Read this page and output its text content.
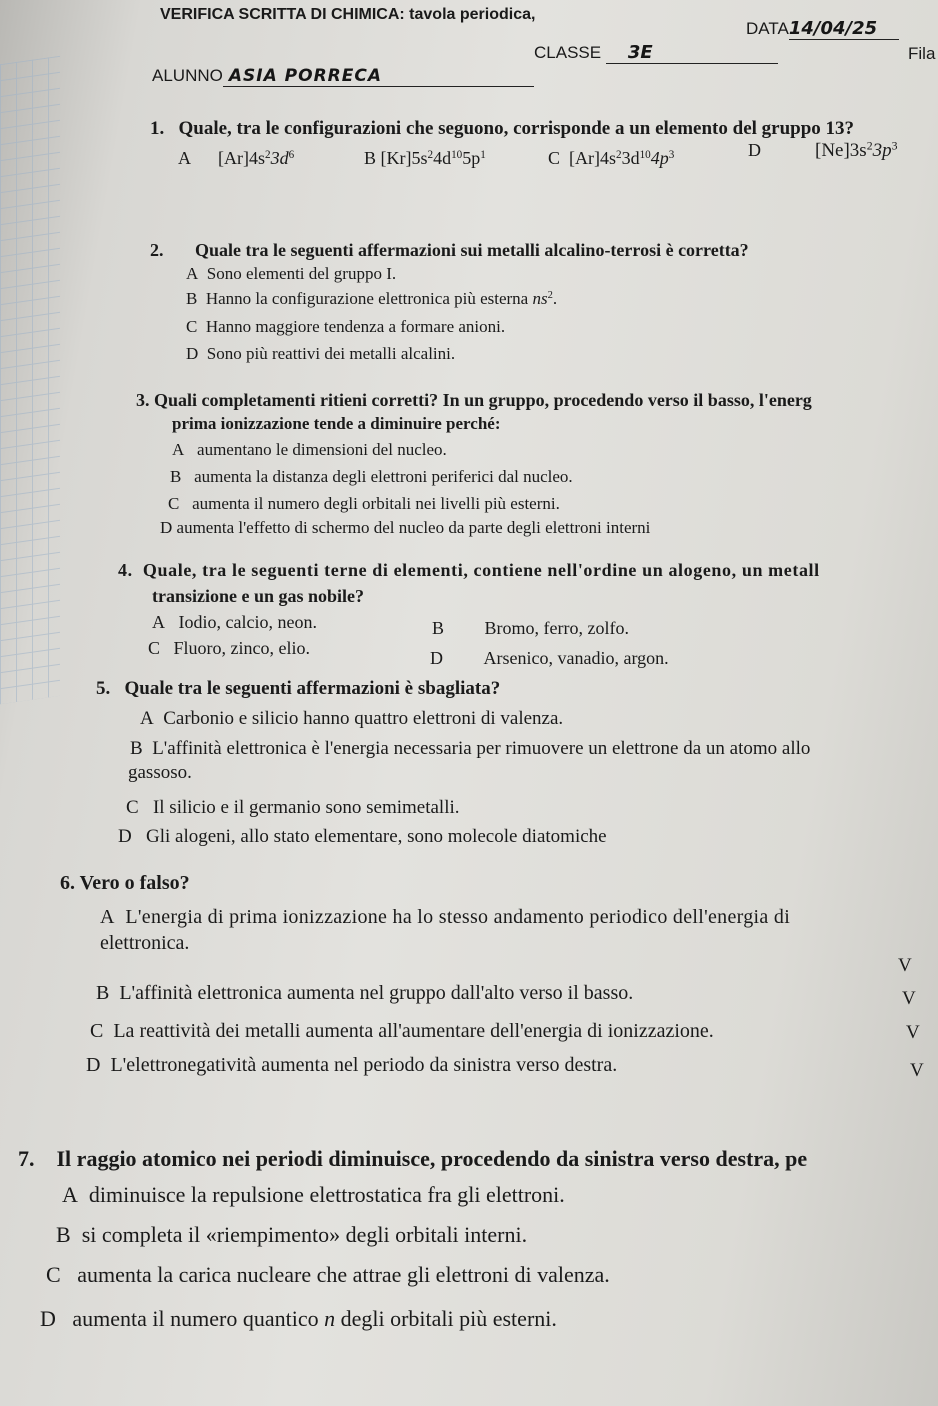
VERIFICA SCRITTA DI CHIMICA: tavola periodica,
DATA14/04/25
CLASSE 3E	Fila
ALUNNO ASIA PORRECA
1. Quale, tra le configurazioni che seguono, corrisponde a un elemento del gruppo 13?
A $[Ar]4s^23d^6$	B $[Kr]5s^24d^{10}5p^1$	C $[Ar]4s^23d^{10}4p^3$	D	$[Ne]3s^23p^3$
2. Quale tra le seguenti affermazioni sui metalli alcalino-terrosi è corretta?
A Sono elementi del gruppo I.
B Hanno la configurazione elettronica più esterna $ns^2$.
C Hanno maggiore tendenza a formare anioni.
D Sono più reattivi dei metalli alcalini.
3. Quali completamenti ritieni corretti? In un gruppo, procedendo verso il basso, l'energ
prima ionizzazione tende a diminuire perché:
A aumentano le dimensioni del nucleo.
B aumenta la distanza degli elettroni periferici dal nucleo.
C aumenta il numero degli orbitali nei livelli più esterni.
D aumenta l'effetto di schermo del nucleo da parte degli elettroni interni
4. Quale, tra le seguenti terne di elementi, contiene nell'ordine un alogeno, un metall
transizione e un gas nobile?
A Iodio, calcio, neon.	B Bromo, ferro, zolfo.
C Fluoro, zinco, elio.	D Arsenico, vanadio, argon.
5. Quale tra le seguenti affermazioni è sbagliata?
A Carbonio e silicio hanno quattro elettroni di valenza.
B L'affinità elettronica è l'energia necessaria per rimuovere un elettrone da un atomo allo
gassoso.
C Il silicio e il germanio sono semimetalli.
D Gli alogeni, allo stato elementare, sono molecole diatomiche
6. Vero o falso?
A L'energia di prima ionizzazione ha lo stesso andamento periodico dell'energia di
elettronica.
V
B L'affinità elettronica aumenta nel gruppo dall'alto verso il basso.	V
C La reattività dei metalli aumenta all'aumentare dell'energia di ionizzazione.	V
D L'elettronegatività aumenta nel periodo da sinistra verso destra.	V
7. Il raggio atomico nei periodi diminuisce, procedendo da sinistra verso destra, pe
A diminuisce la repulsione elettrostatica fra gli elettroni.
B si completa il «riempimento» degli orbitali interni.
C aumenta la carica nucleare che attrae gli elettroni di valenza.
D aumenta il numero quantico n degli orbitali più esterni.
